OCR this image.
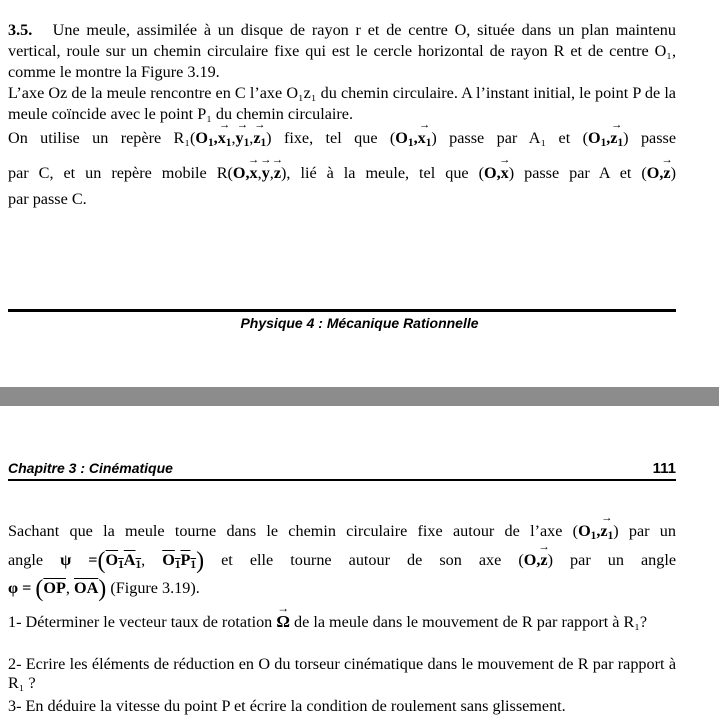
3.5. Une meule, assimilée à un disque de rayon r et de centre O, située dans un plan maintenu vertical, roule sur un chemin circulaire fixe qui est le cercle horizontal de rayon R et de centre O₁, comme le montre la Figure 3.19.
L’axe Oz de la meule rencontre en C l’axe O₁z₁ du chemin circulaire. A l’instant initial, le point P de la meule coïncide avec le point P₁ du chemin circulaire.
On utilise un repère $R_1(O_1,\to x_1,\to y_1,\to z_1)$ fixe, tel que $(O_1,\to x_1)$ passe par A₁ et $(O_1,\to z_1)$ passe
par C, et un repère mobile R(O,→ x,→ y,→ z), lié à la meule, tel que (O,→ x) passe par A et (O,→ z)
par passe C.
Physique 4 : Mécanique Rationnelle
Chapitre 3 : Cinématique	111
Sachant que la meule tourne dans le chemin circulaire fixe autour de l’axe $(O_1,\to z_1)$ par un
angle $\psi =(O_1A_1$, $O_1P_1$) et elle tourne autour de son axe (O,→ z) par un angle
$\varphi = (\overline{OP}$, $\overline{OA}$) (Figure 3.19).
1- Déterminer le vecteur taux de rotation → Ω de la meule dans le mouvement de R par rapport à R₁?
2- Ecrire les éléments de réduction en O du torseur cinématique dans le mouvement de R par rapport à R₁ ?
3- En déduire la vitesse du point P et écrire la condition de roulement sans glissement.
